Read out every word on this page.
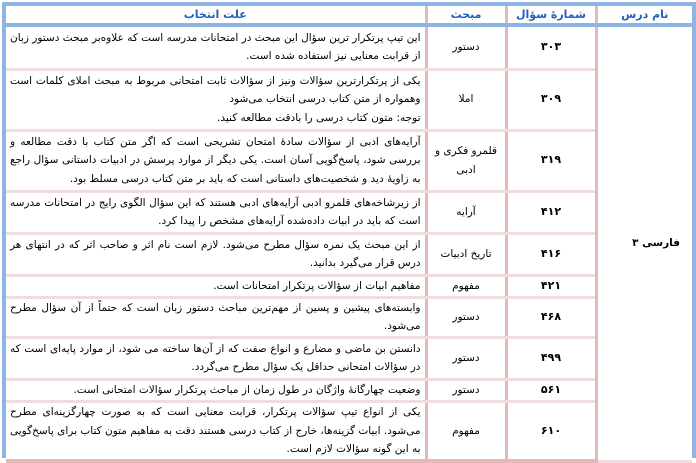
نام درس	شمارۀ سؤال	مبحث	علت انتخاب
فارسی ۳	۳۰۳	دستور	این تیپ پرتکرار ترین سؤال این مبحث در امتحانات مدرسه است که علاوه‌بر مبحث دستور زبان از قرابت معنایی نیز استفاده شده است.
	۳۰۹	املا	یکی از پرتکرارترین سؤالات ونیز از سؤالات ثابت امتحانی مربوط به مبحث املای کلمات است وهمواره از متن کتاب درسی انتخاب می‌شود
توجه: متون کتاب درسی را بادقت مطالعه کنید.

	۳۱۹	قلمرو فکری و ادبی	آرایه‌های ادبی از سؤالات سادۀ امتحان تشریحی است که اگر متن کتاب با دقت مطالعه و بررسی شود، پاسخ‌گویی آسان است. یکی دیگر از موارد پرسش در ادبیات داستانی سؤال راجع به زاویۀ دید و شخصیت‌های داستانی است که باید بر متن کتاب درسی مسلط بود.
	۴۱۲	آرایه	از زیرشاخه‌های قلمرو ادبی آرایه‌های ادبی هستند که این سؤال الگوی رایج در امتحانات مدرسه است که باید در ابیات داده‌شده آرایه‌های مشخص را پیدا کرد.
	۴۱۶	تاریخ ادبیات	از این مبحث یک نمره سؤال مطرح می‌شود. لازم است نام اثر و صاحب اثر که در انتهای هر درس قرار می‌گیرد بدانید.
	۴۲۱	مفهوم	مفاهیم ابیات از سؤالات پرتکرار امتحانات است.
	۴۶۸	دستور	وابسته‌های پیشین و پسین از مهم‌ترین مباحث دستور زبان است که حتماً از آن سؤال مطرح می‌شود.
	۴۹۹	دستور	دانستن بن ماضی و مضارع و انواع صفت که از آن‌ها ساخته می شود، از موارد پایه‌ای است که در سؤالات امتحانی حداقل یک سؤال مطرح می‌گردد.
	۵۶۱	دستور	وضعیت چهارگانۀ واژگان در طول زمان از مباحث پرتکرار سؤالات امتحانی است.
	۶۱۰	مفهوم	یکی از انواع تیپ سؤالات پرتکرار، قرابت معنایی است که به صورت چهارگزینه‌ای مطرح می‌شود. ابیات گزینه‌ها، خارج از کتاب درسی هستند دقت به مفاهیم متون کتاب برای پاسخ‌گویی به این گونه سؤالات لازم است.
